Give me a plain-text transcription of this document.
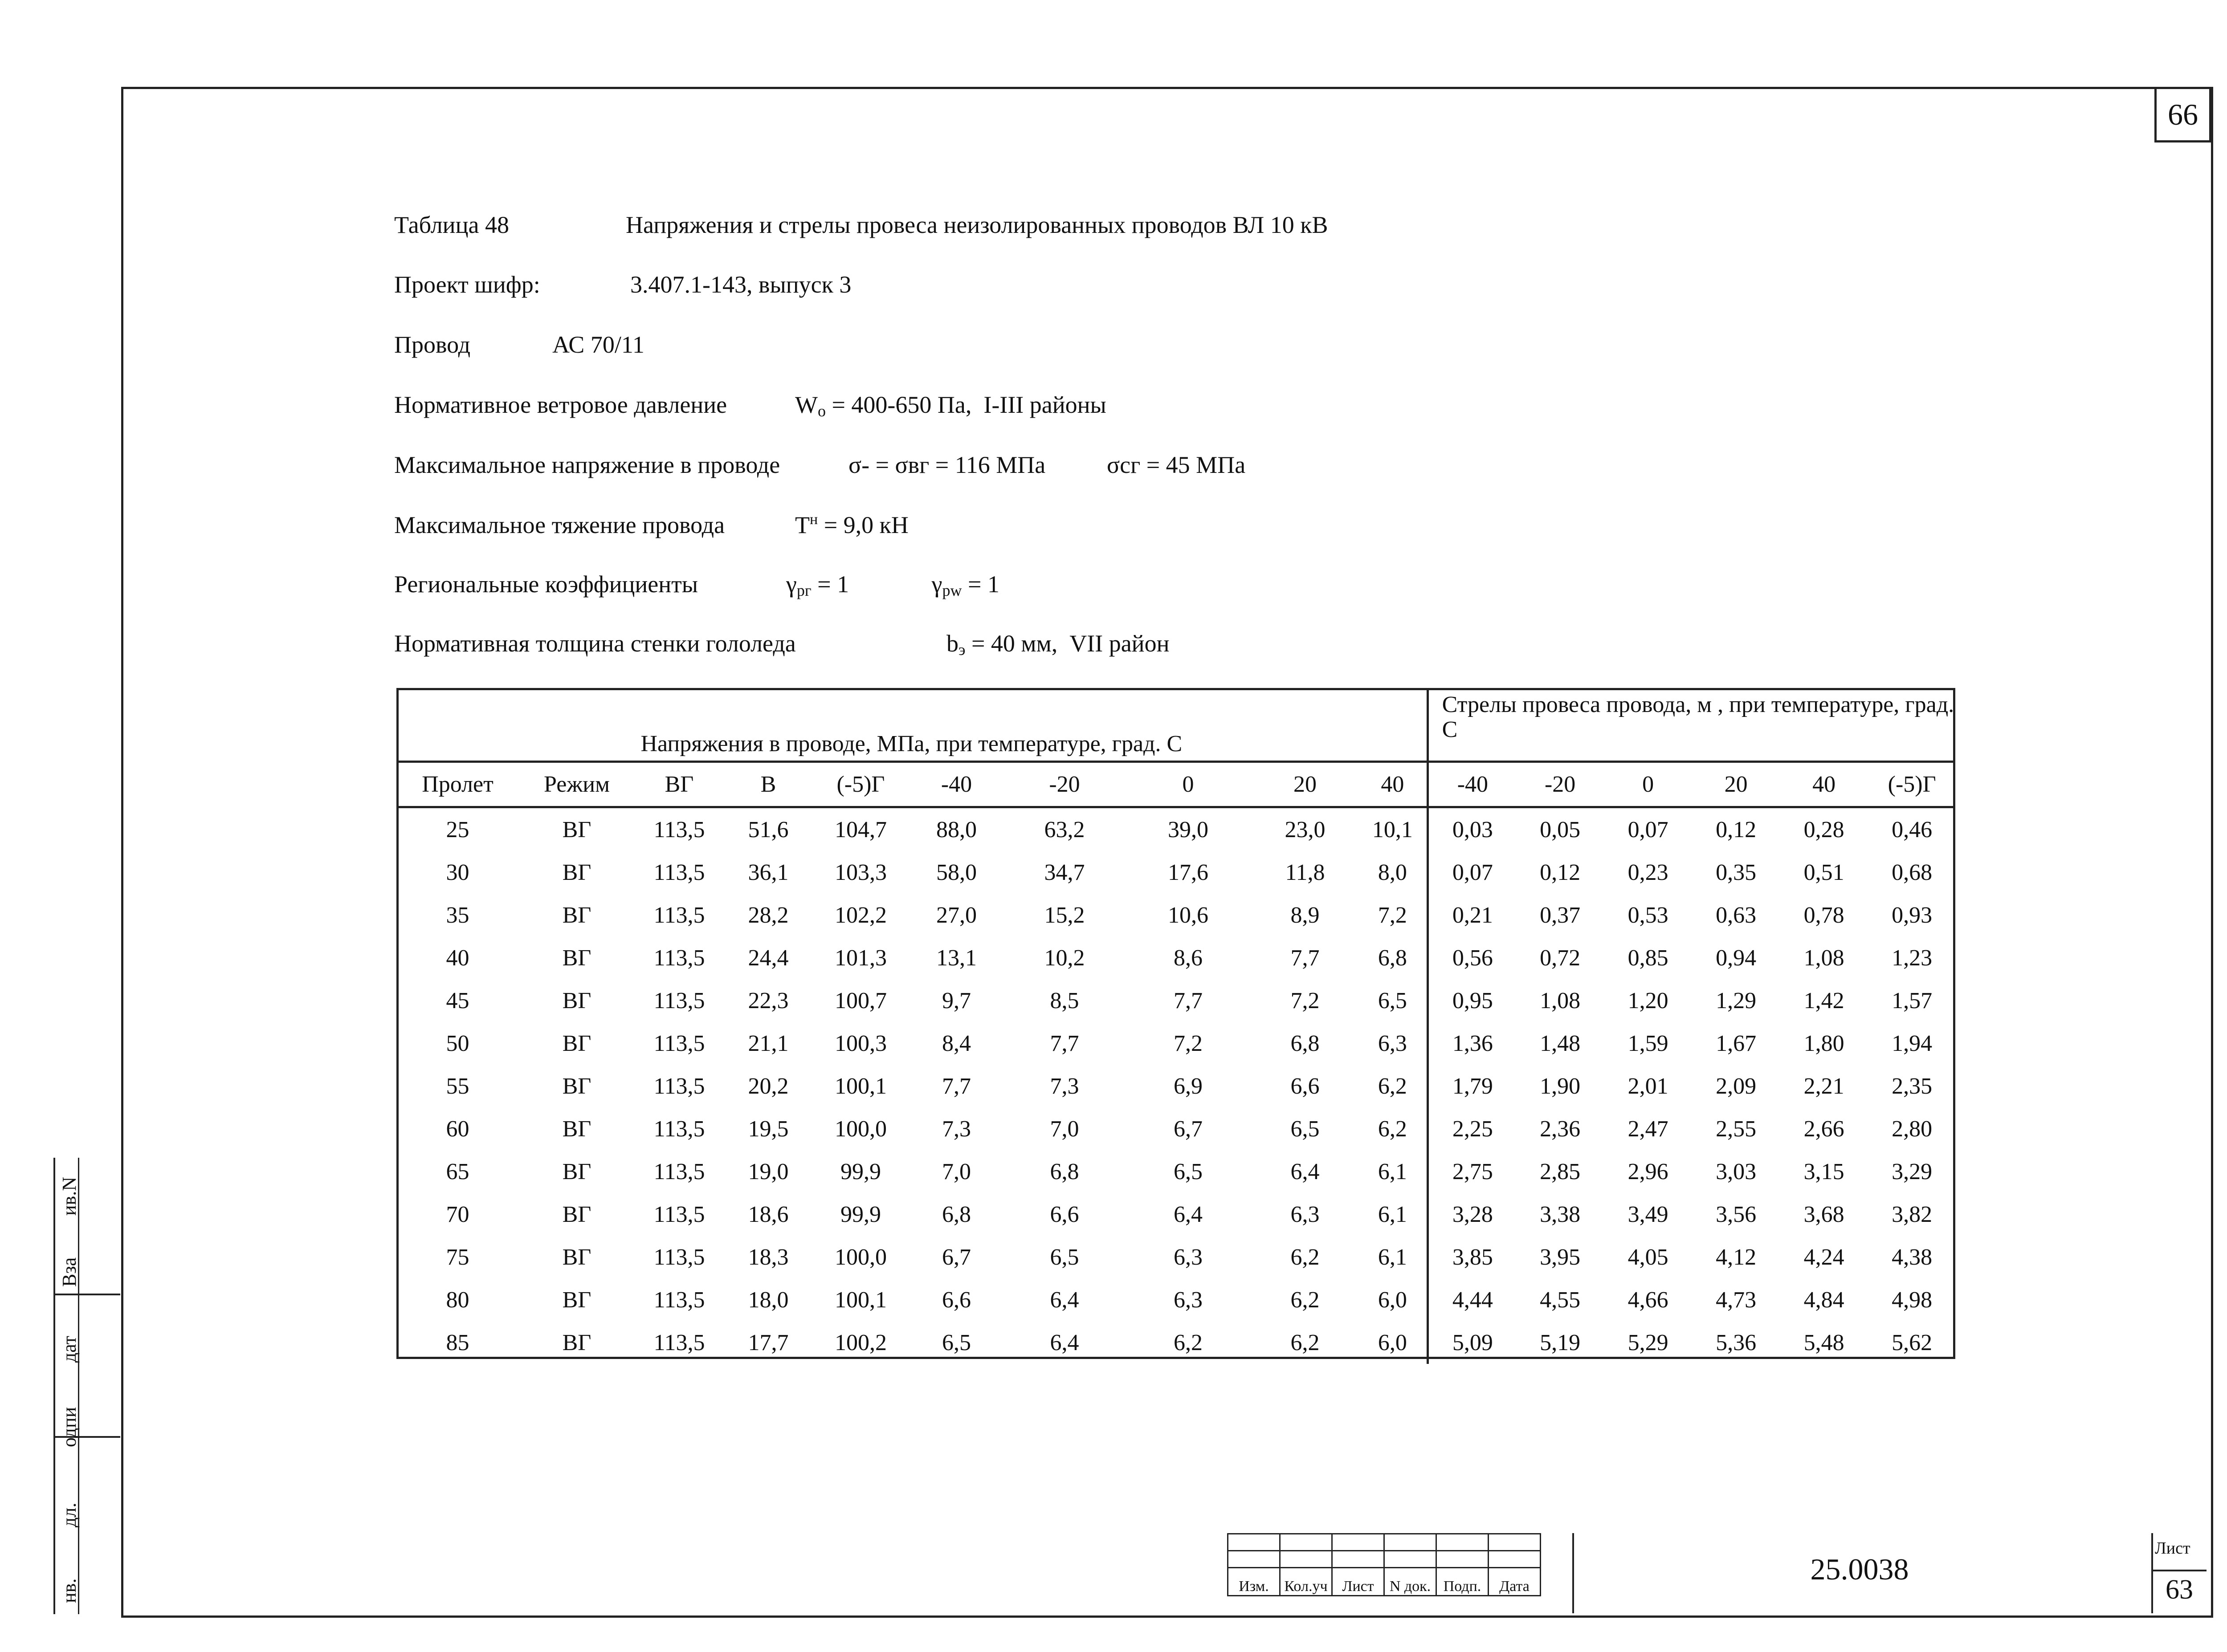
66
Таблица 48	Напряжения и стрелы провеса неизолированных проводов ВЛ 10 кВ
Проект шифр:	3.407.1-143, выпуск 3
Провод	АС 70/11
Нормативное ветровое давление	$W_o = 400-650$ Па,  I-III районы
Максимальное напряжение в проводе	σ- = σвг = 116 МПа	σсг = 45 МПа
Максимальное тяжение провода	$Т^н = 9,0$ кН
Региональные коэффициенты	$\gamma_{рг} = 1$	$\gamma_{pw} = 1$
Нормативная толщина стенки гололеда	$b_э = 40$ мм,  VII район
Напряжения в проводе, МПа, при температуре, град. С										Стрелы провеса провода, м , при температуре, град. С					
Пролет	Режим	ВГ	В	(-5)Г	-40	-20	0	20	40	-40	-20	0	20	40	(-5)Г
25	ВГ	113,5	51,6	104,7	88,0	63,2	39,0	23,0	10,1	0,03	0,05	0,07	0,12	0,28	0,46
30	ВГ	113,5	36,1	103,3	58,0	34,7	17,6	11,8	8,0	0,07	0,12	0,23	0,35	0,51	0,68
35	ВГ	113,5	28,2	102,2	27,0	15,2	10,6	8,9	7,2	0,21	0,37	0,53	0,63	0,78	0,93
40	ВГ	113,5	24,4	101,3	13,1	10,2	8,6	7,7	6,8	0,56	0,72	0,85	0,94	1,08	1,23
45	ВГ	113,5	22,3	100,7	9,7	8,5	7,7	7,2	6,5	0,95	1,08	1,20	1,29	1,42	1,57
50	ВГ	113,5	21,1	100,3	8,4	7,7	7,2	6,8	6,3	1,36	1,48	1,59	1,67	1,80	1,94
55	ВГ	113,5	20,2	100,1	7,7	7,3	6,9	6,6	6,2	1,79	1,90	2,01	2,09	2,21	2,35
60	ВГ	113,5	19,5	100,0	7,3	7,0	6,7	6,5	6,2	2,25	2,36	2,47	2,55	2,66	2,80
65	ВГ	113,5	19,0	99,9	7,0	6,8	6,5	6,4	6,1	2,75	2,85	2,96	3,03	3,15	3,29
70	ВГ	113,5	18,6	99,9	6,8	6,6	6,4	6,3	6,1	3,28	3,38	3,49	3,56	3,68	3,82
75	ВГ	113,5	18,3	100,0	6,7	6,5	6,3	6,2	6,1	3,85	3,95	4,05	4,12	4,24	4,38
80	ВГ	113,5	18,0	100,1	6,6	6,4	6,3	6,2	6,0	4,44	4,55	4,66	4,73	4,84	4,98
85	ВГ	113,5	17,7	100,2	6,5	6,4	6,2	6,2	6,0	5,09	5,19	5,29	5,36	5,48	5,62

Изм.	Кол.уч	Лист	N док.	Подп.	Дата
25.0038
Лист
63
ив.N
Вза
дат
одпи
дл.
нв.
